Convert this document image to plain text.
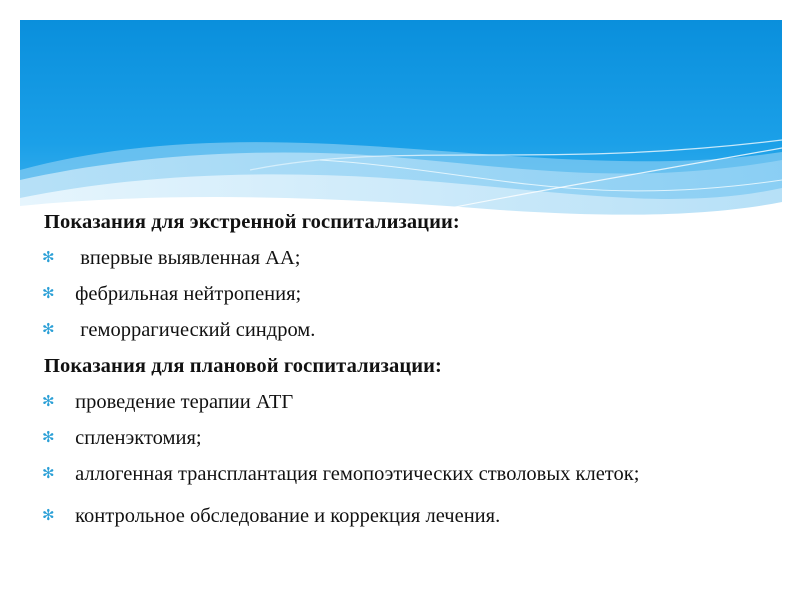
Показания для экстренной госпитализации:

✻ впервые выявленная АА;
✻ фебрильная нейтропения;
✻ геморрагический синдром.

Показания для плановой госпитализации:

✻ проведение терапии АТГ
✻ спленэктомия;
✻ аллогенная трансплантация гемопоэтических стволовых клеток;
✻ контрольное обследование и коррекция лечения.
